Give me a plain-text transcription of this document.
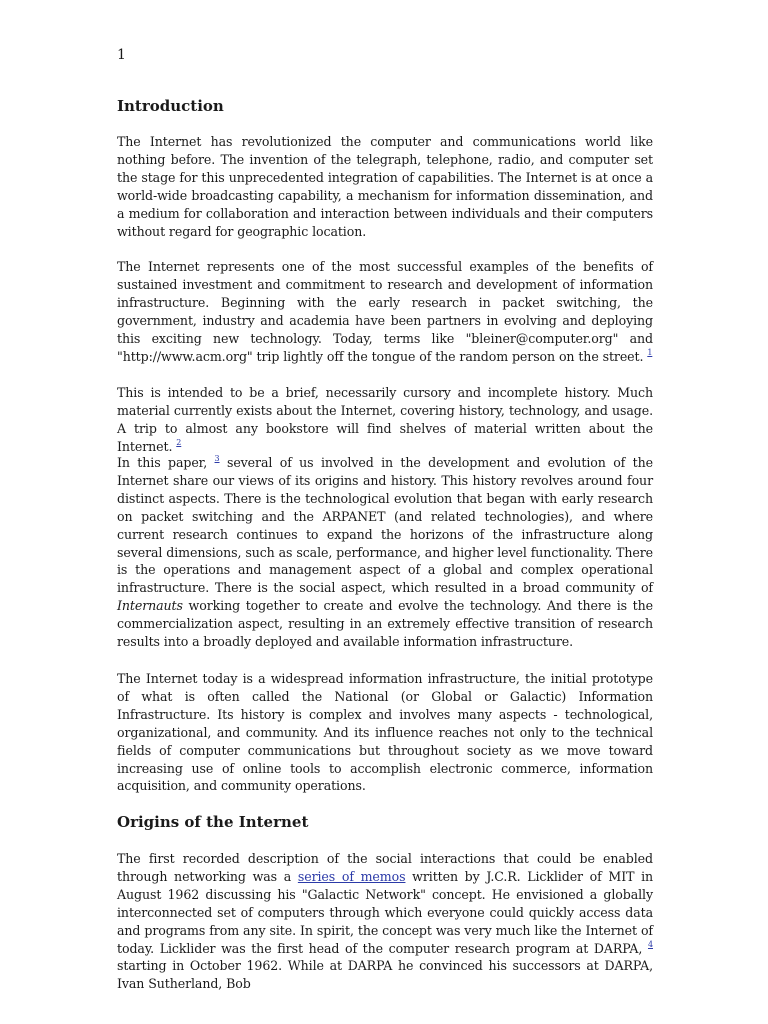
1
Introduction

The Internet has revolutionized the computer and communications world like nothing before. The invention of the telegraph, telephone, radio, and computer set the stage for this unprecedented integration of capabilities. The Internet is at once a world-wide broadcasting capability, a mechanism for information dissemination, and a medium for collaboration and interaction between individuals and their computers without regard for geographic location.

The Internet represents one of the most successful examples of the benefits of sustained investment and commitment to research and development of information infrastructure. Beginning with the early research in packet switching, the government, industry and academia have been partners in evolving and deploying this exciting new technology. Today, terms like "bleiner@computer.org" and "http://www.acm.org" trip lightly off the tongue of the random person on the street. $^1$

This is intended to be a brief, necessarily cursory and incomplete history. Much material currently exists about the Internet, covering history, technology, and usage. A trip to almost any bookstore will find shelves of material written about the Internet. $^2$

In this paper, $^3$ several of us involved in the development and evolution of the Internet share our views of its origins and history. This history revolves around four distinct aspects. There is the technological evolution that began with early research on packet switching and the ARPANET (and related technologies), and where current research continues to expand the horizons of the infrastructure along several dimensions, such as scale, performance, and higher level functionality. There is the operations and management aspect of a global and complex operational infrastructure. There is the social aspect, which resulted in a broad community of Internauts working together to create and evolve the technology. And there is the commercialization aspect, resulting in an extremely effective transition of research results into a broadly deployed and available information infrastructure.

The Internet today is a widespread information infrastructure, the initial prototype of what is often called the National (or Global or Galactic) Information Infrastructure. Its history is complex and involves many aspects - technological, organizational, and community. And its influence reaches not only to the technical fields of computer communications but throughout society as we move toward increasing use of online tools to accomplish electronic commerce, information acquisition, and community operations.

Origins of the Internet

The first recorded description of the social interactions that could be enabled through networking was a series of memos written by J.C.R. Licklider of MIT in August 1962 discussing his "Galactic Network" concept. He envisioned a globally interconnected set of computers through which everyone could quickly access data and programs from any site. In spirit, the concept was very much like the Internet of today. Licklider was the first head of the computer research program at DARPA, $^4$ starting in October 1962. While at DARPA he convinced his successors at DARPA, Ivan Sutherland, Bob
